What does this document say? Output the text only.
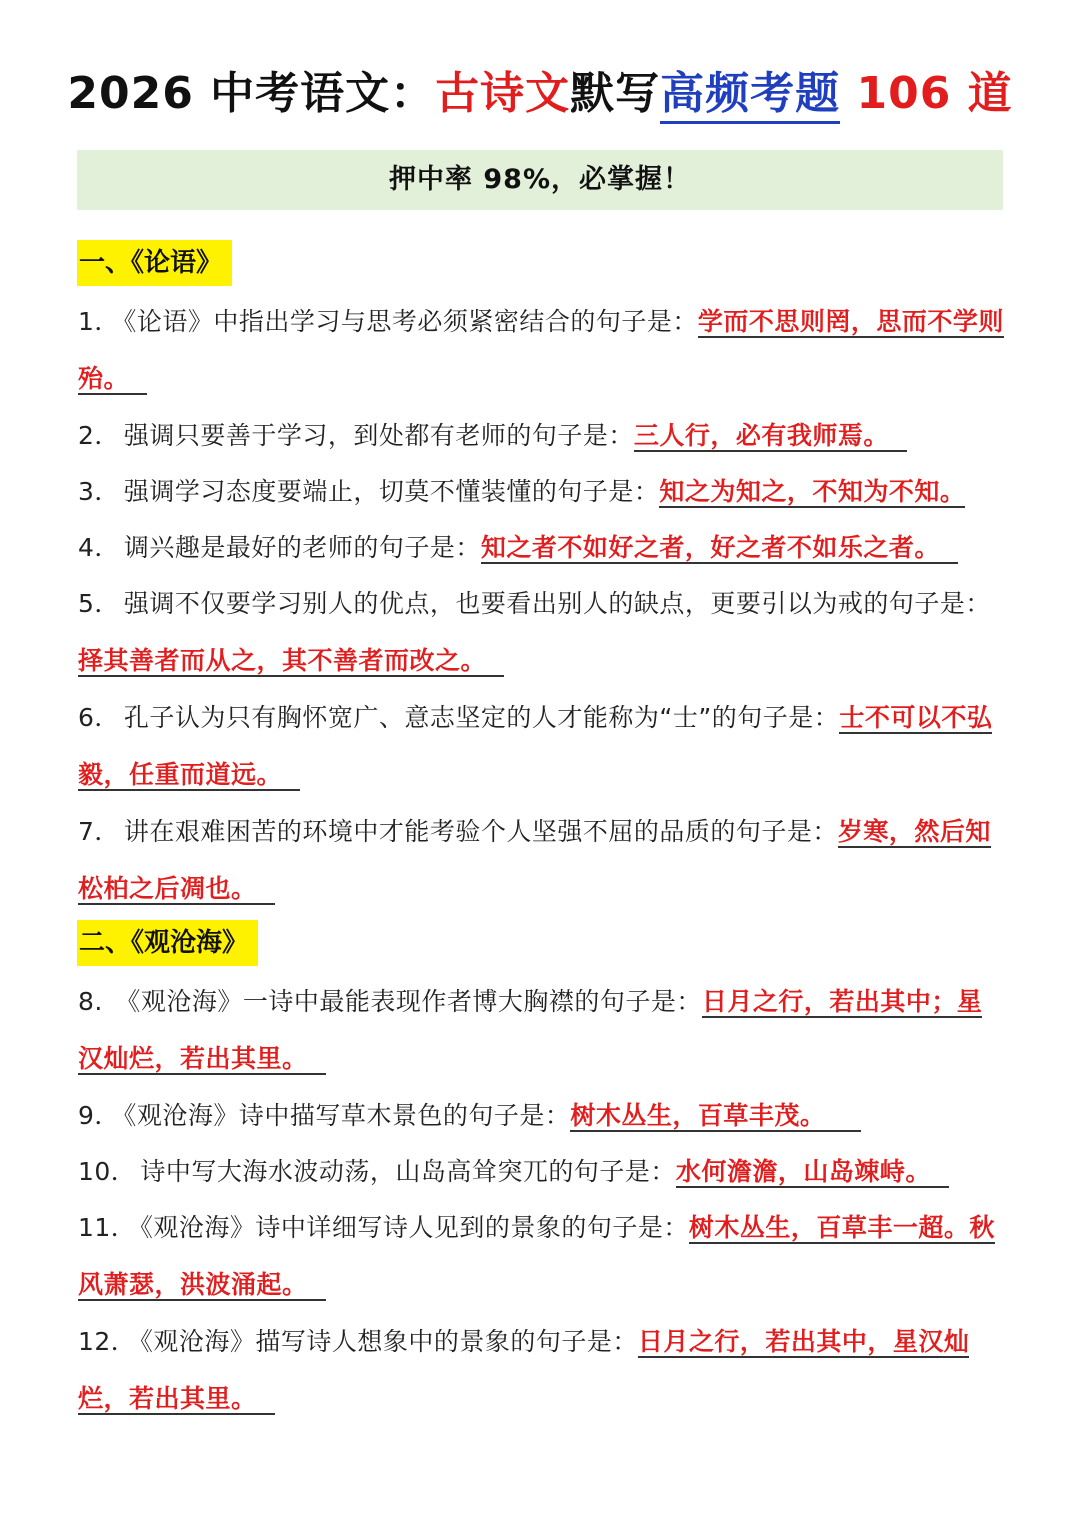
2026 中考语文：古诗文默写高频考题 106 道
押中率 98%，必掌握！
一、《论语》
1． 《论语》中指出学习与思考必须紧密结合的句子是：学而不思则罔，思而不学则殆。
2． 强调只要善于学习，到处都有老师的句子是：三人行，必有我师焉。
3． 强调学习态度要端止，切莫不懂装懂的句子是：知之为知之，不知为不知。
4． 调兴趣是最好的老师的句子是：知之者不如好之者，好之者不如乐之者。
5． 强调不仅要学习别人的优点，也要看出别人的缺点，更要引以为戒的句子是：择其善者而从之，其不善者而改之。
6． 孔子认为只有胸怀宽广、意志坚定的人才能称为“士”的句子是：士不可以不弘毅，任重而道远。
7． 讲在艰难困苦的环境中才能考验个人坚强不屈的品质的句子是：岁寒，然后知松柏之后凋也。
二、《观沧海》
8. 《观沧海》一诗中最能表现作者博大胸襟的句子是：日月之行，若出其中；星汉灿烂，若出其里。
9． 《观沧海》诗中描写草木景色的句子是：树木丛生，百草丰茂。
10． 诗中写大海水波动荡，山岛高耸突兀的句子是：水何澹澹，山岛竦峙。
11． 《观沧海》诗中详细写诗人见到的景象的句子是：树木丛生，百草丰一超。秋风萧瑟，洪波涌起。
12． 《观沧海》描写诗人想象中的景象的句子是：日月之行，若出其中，星汉灿烂，若出其里。
